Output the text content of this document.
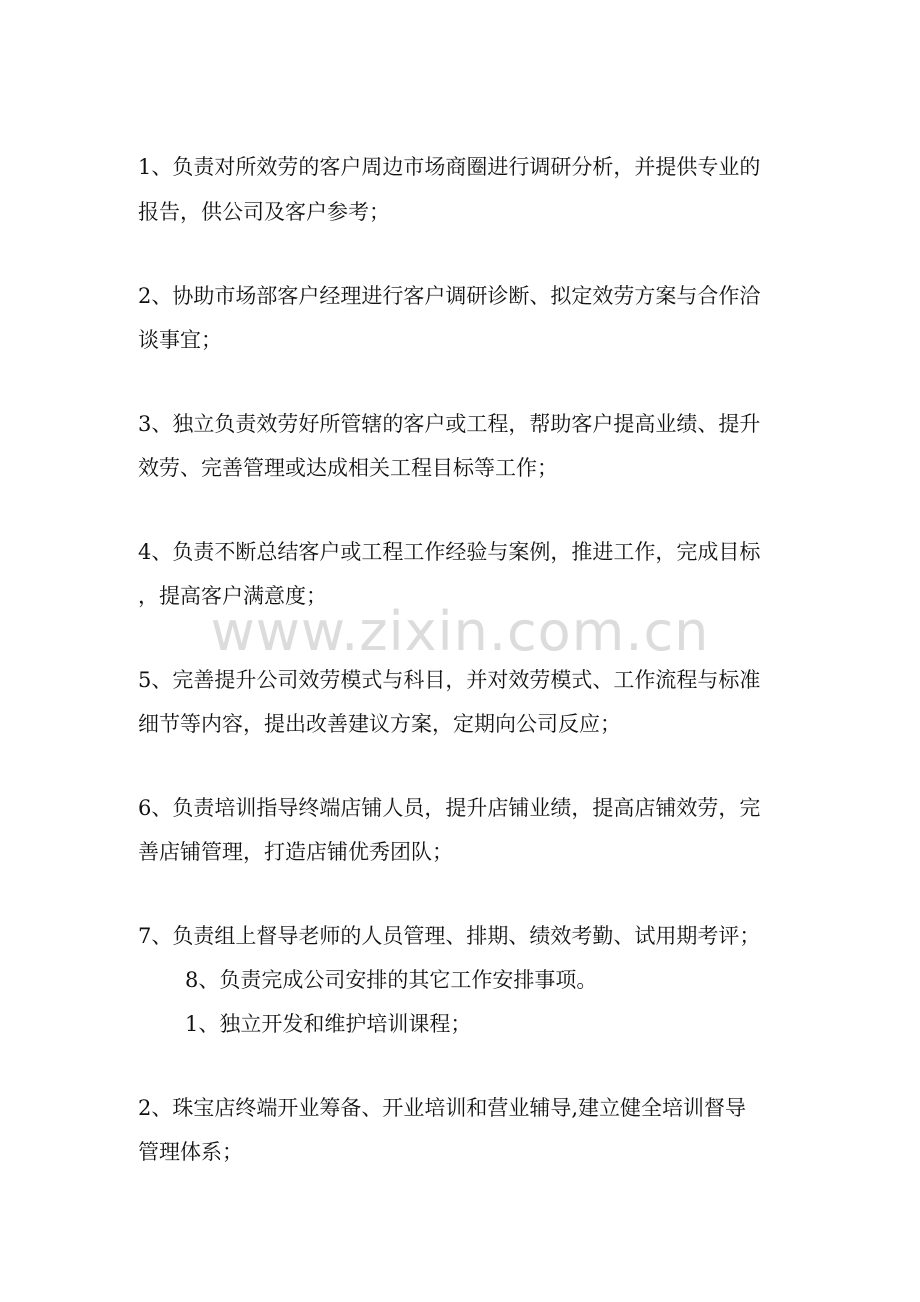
1、负责对所效劳的客户周边市场商圈进行调研分析，并提供专业的
报告，供公司及客户参考；
2、协助市场部客户经理进行客户调研诊断、拟定效劳方案与合作洽
谈事宜；
3、独立负责效劳好所管辖的客户或工程，帮助客户提高业绩、提升
效劳、完善管理或达成相关工程目标等工作；
4、负责不断总结客户或工程工作经验与案例，推进工作，完成目标
，提高客户满意度；
5、完善提升公司效劳模式与科目，并对效劳模式、工作流程与标准
细节等内容，提出改善建议方案，定期向公司反应；
6、负责培训指导终端店铺人员，提升店铺业绩，提高店铺效劳，完
善店铺管理，打造店铺优秀团队；
7、负责组上督导老师的人员管理、排期、绩效考勤、试用期考评；
8、负责完成公司安排的其它工作安排事项。
1、独立开发和维护培训课程；
2、珠宝店终端开业筹备、开业培训和营业辅导,建立健全培训督导
管理体系；
www.zixin.com.cn
